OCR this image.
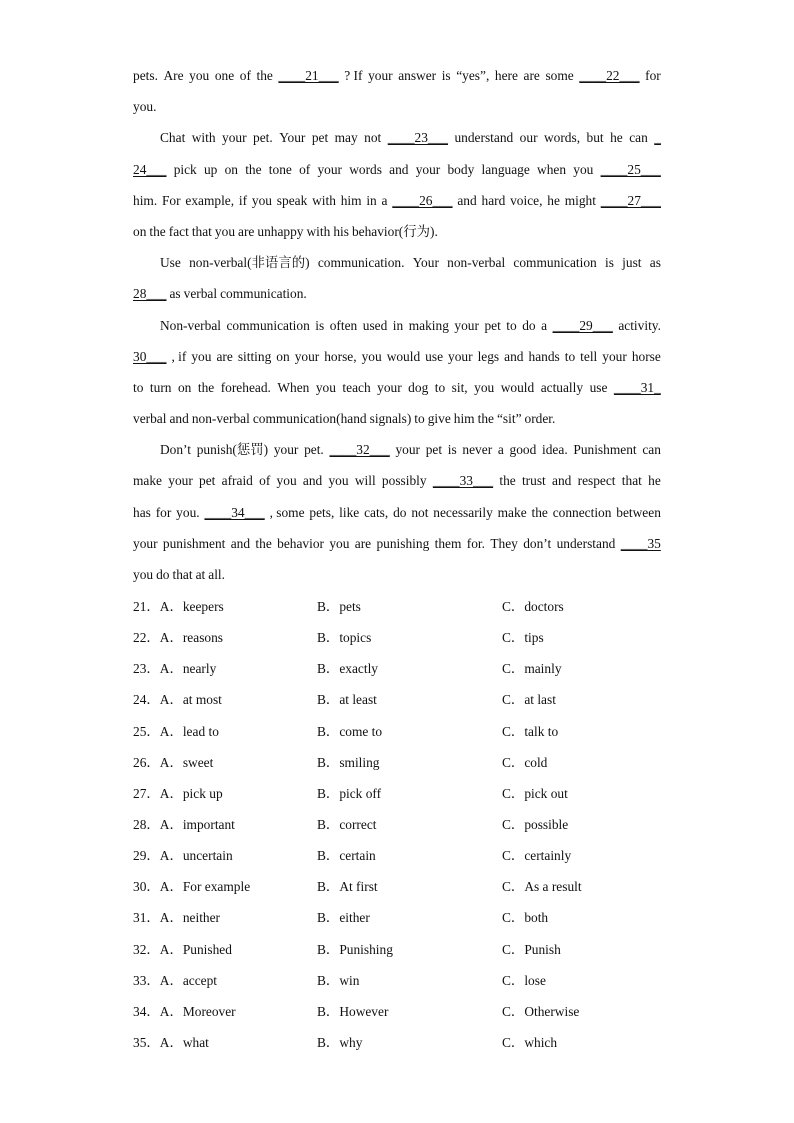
pets. Are you one of the ____21___ ? If your answer is “yes”, here are some ____22___ for
you.
Chat with your pet. Your pet may not ____23___ understand our words, but he can _
24___ pick up on the tone of your words and your body language when you ____25___
him. For example, if you speak with him in a ____26___ and hard voice, he might ____27___
on the fact that you are unhappy with his behavior(行为).
Use non-verbal(非语言的) communication. Your non-verbal communication is just as
28___ as verbal communication.
Non-verbal communication is often used in making your pet to do a ____29___ activity.
30___ , if you are sitting on your horse, you would use your legs and hands to tell your horse
to turn on the forehead. When you teach your dog to sit, you would actually use ____31_
verbal and non-verbal communication(hand signals) to give him the “sit” order.
Don’t punish(惩罚) your pet. ____32___ your pet is never a good idea. Punishment can
make your pet afraid of you and you will possibly ____33___ the trust and respect that he
has for you. ____34___ , some pets, like cats, do not necessarily make the connection between
your punishment and the behavior you are punishing them for. They don’t understand ____35
you do that at all.
21．A．keepers	B．pets	C．doctors
22．A．reasons	B．topics	C．tips
23．A．nearly	B．exactly	C．mainly
24．A．at most	B．at least	C．at last
25．A．lead to	B．come to	C．talk to
26．A．sweet	B．smiling	C．cold
27．A．pick up	B．pick off	C．pick out
28．A．important	B．correct	C．possible
29．A．uncertain	B．certain	C．certainly
30．A．For example	B．At first	C．As a result
31．A．neither	B．either	C．both
32．A．Punished	B．Punishing	C．Punish
33．A．accept	B．win	C．lose
34．A．Moreover	B．However	C．Otherwise
35．A．what	B．why	C．which
